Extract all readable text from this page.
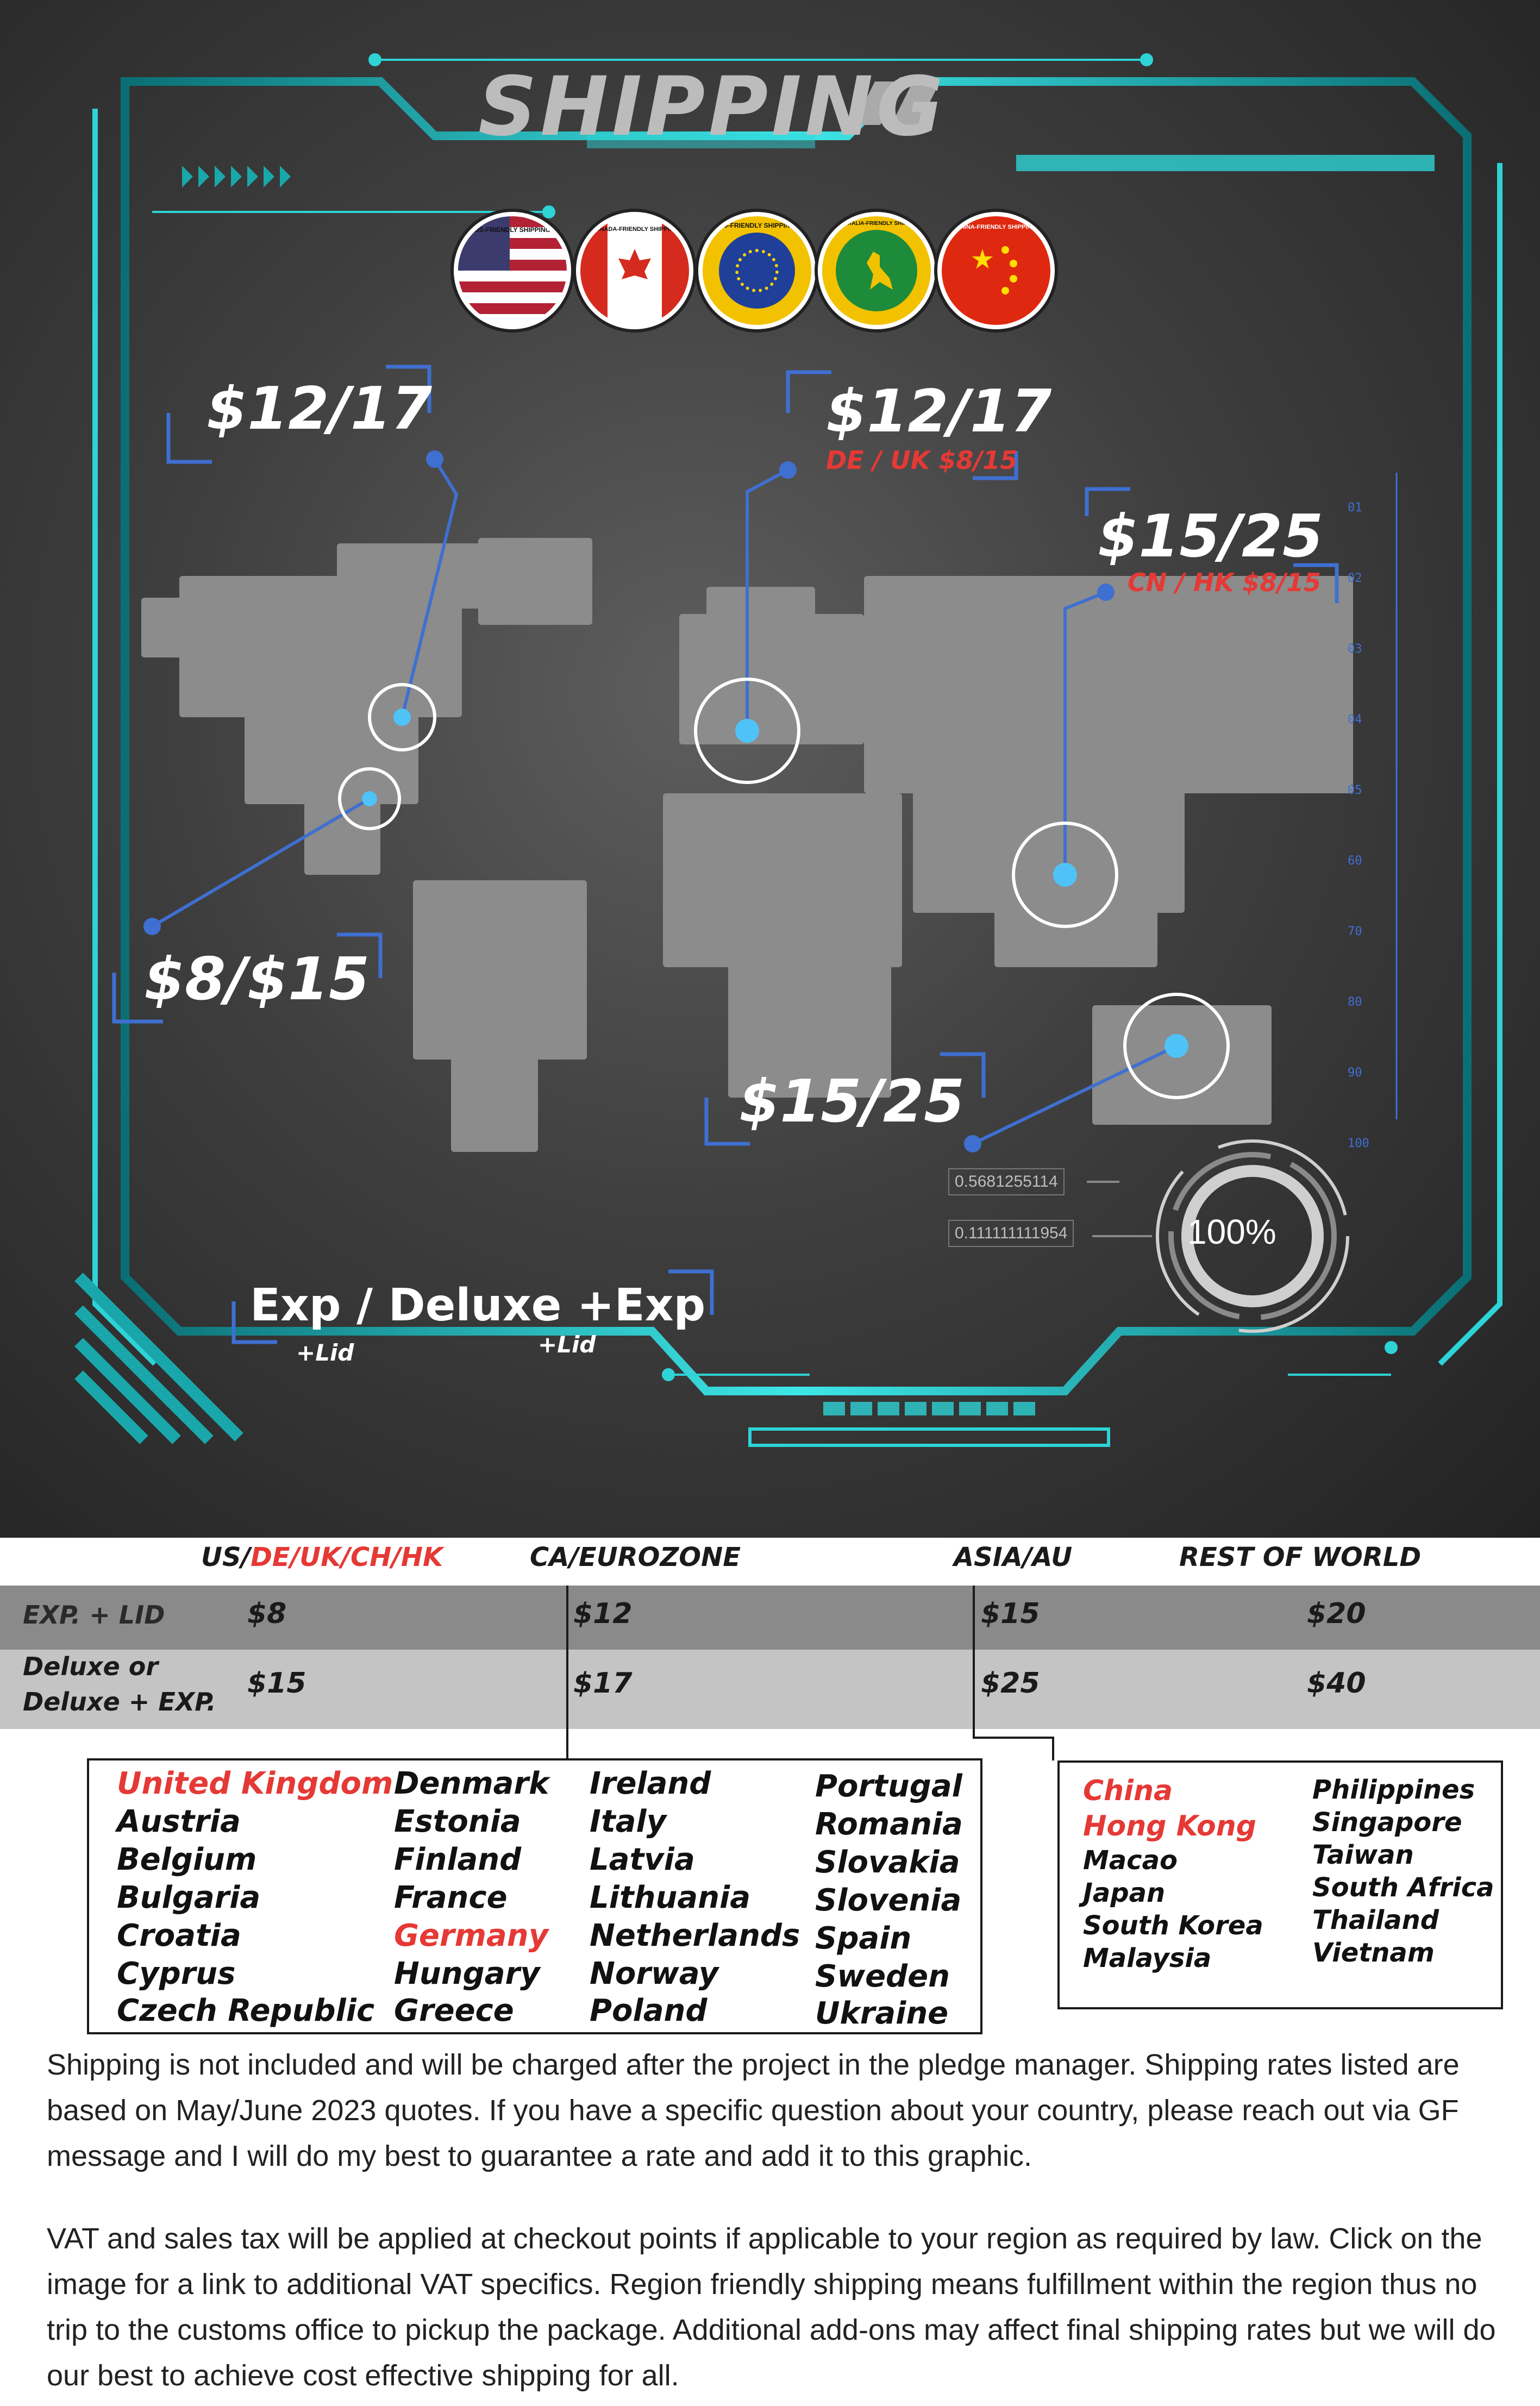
SHIPPING
US-FRIENDLY SHIPPING	CANADA-FRIENDLY SHIPPING	EU-FRIENDLY SHIPPING	AUSTRALIA-FRIENDLY SHIPPING
CHINA-FRIENDLY SHIPPING
$12/17	$12/17
DE / UK $8/15
$15/25
CN / HK $8/15
$8/$15
$15/25
Exp / Deluxe +Exp
+Lid	+Lid
0.5681255114
0.111111111954	100%
01
02
03
04
05
60
70
80
90
100
US/DE/UK/CH/HK	CA/EUROZONE	ASIA/AU	REST OF WORLD
EXP. + LID	$8	$12	$15	$20
Deluxe or
Deluxe + EXP.
$15	$17	$25	$40
United Kingdom
Austria
Belgium
Bulgaria
Croatia
Cyprus
Czech Republic
Denmark
Estonia
Finland
France
Germany
Hungary
Greece
Ireland
Italy
Latvia
Lithuania
Netherlands
Norway
Poland
Portugal
Romania
Slovakia
Slovenia
Spain
Sweden
Ukraine
China
Hong Kong
Macao
Japan
South Korea
Malaysia
Philippines
Singapore
Taiwan
South Africa
Thailand
Vietnam
Shipping is not included and will be charged after the project in the pledge manager. Shipping rates listed are based on May/June 2023 quotes. If you have a specific question about your country, please reach out via GF message and I will do my best to guarantee a rate and add it to this graphic.
VAT and sales tax will be applied at checkout points if applicable to your region as required by law. Click on the image for a link to additional VAT specifics. Region friendly shipping means fulfillment within the region thus no trip to the customs office to pickup the package. Additional add-ons may affect final shipping rates but we will do our best to achieve cost effective shipping for all.
